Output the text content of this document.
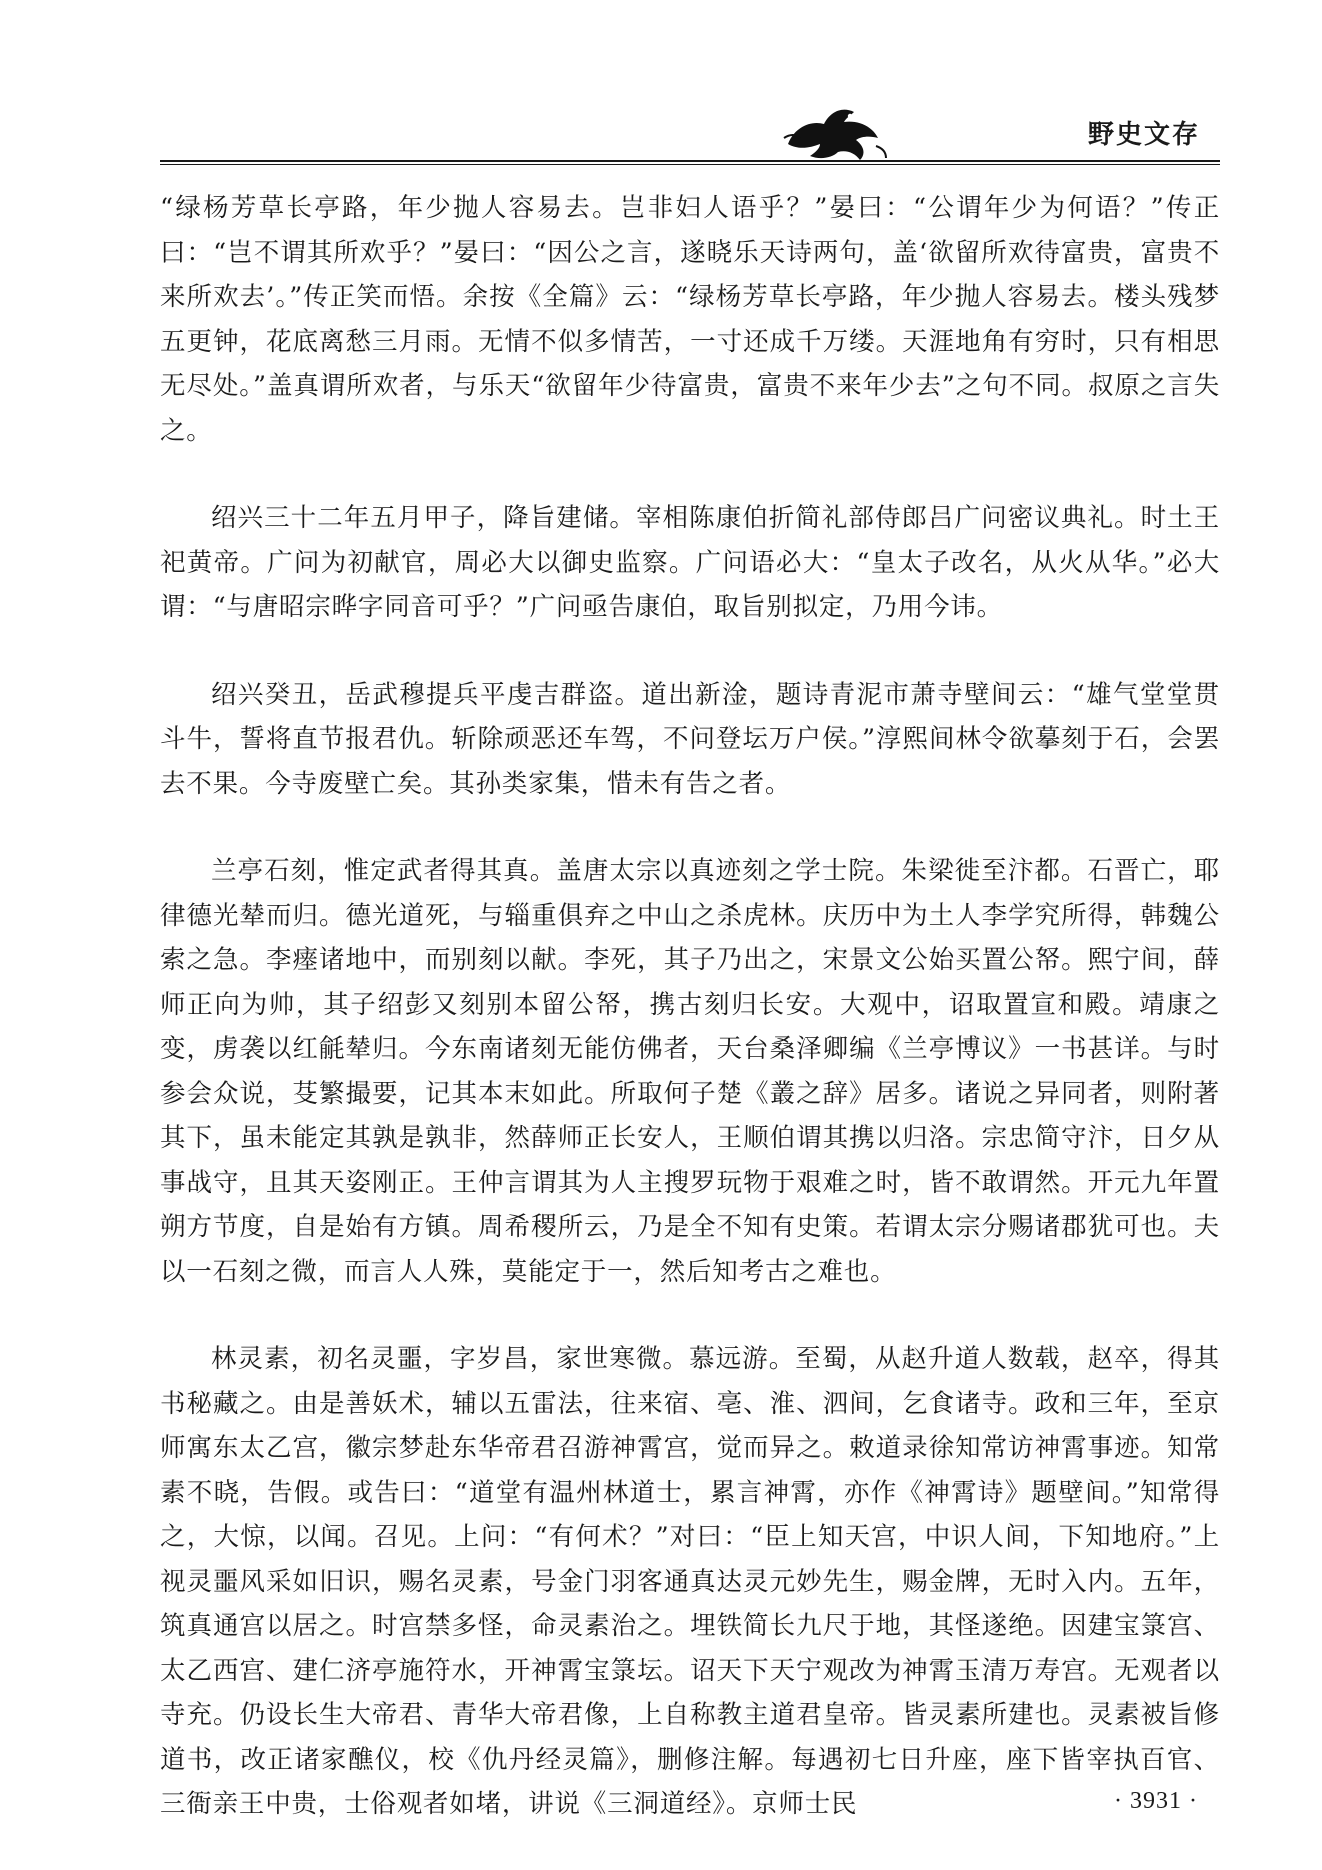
野史文存

“绿杨芳草长亭路，年少抛人容易去。岂非妇人语乎？”晏曰：“公谓年少为何语？”传正曰：“岂不谓其所欢乎？”晏曰：“因公之言，遂晓乐天诗两句，盖‘欲留所欢待富贵，富贵不来所欢去’。”传正笑而悟。余按《全篇》云：“绿杨芳草长亭路，年少抛人容易去。楼头残梦五更钟，花底离愁三月雨。无情不似多情苦，一寸还成千万缕。天涯地角有穷时，只有相思无尽处。”盖真谓所欢者，与乐天“欲留年少待富贵，富贵不来年少去”之句不同。叔原之言失之。

绍兴三十二年五月甲子，降旨建储。宰相陈康伯折简礼部侍郎吕广问密议典礼。时土王祀黄帝。广问为初献官，周必大以御史监察。广问语必大：“皇太子改名，从火从华。”必大谓：“与唐昭宗晔字同音可乎？”广问亟告康伯，取旨别拟定，乃用今讳。

绍兴癸丑，岳武穆提兵平虔吉群盗。道出新淦，题诗青泥市萧寺壁间云：“雄气堂堂贯斗牛，誓将直节报君仇。斩除顽恶还车驾，不问登坛万户侯。”淳熙间林令欲摹刻于石，会罢去不果。今寺废壁亡矣。其孙类家集，惜未有告之者。

兰亭石刻，惟定武者得其真。盖唐太宗以真迹刻之学士院。朱梁徙至汴都。石晋亡，耶律德光辇而归。德光道死，与辎重俱弃之中山之杀虎林。庆历中为土人李学究所得，韩魏公索之急。李瘗诸地中，而别刻以献。李死，其子乃出之，宋景文公始买置公帑。熙宁间，薛师正向为帅，其子绍彭又刻别本留公帑，携古刻归长安。大观中，诏取置宣和殿。靖康之变，虏袭以红毹辇归。今东南诸刻无能仿佛者，天台桑泽卿编《兰亭博议》一书甚详。与时参会众说，芟繁撮要，记其本末如此。所取何子楚《叢之辞》居多。诸说之异同者，则附著其下，虽未能定其孰是孰非，然薛师正长安人，王顺伯谓其携以归洛。宗忠简守汴，日夕从事战守，且其天姿刚正。王仲言谓其为人主搜罗玩物于艰难之时，皆不敢谓然。开元九年置朔方节度，自是始有方镇。周希稷所云，乃是全不知有史策。若谓太宗分赐诸郡犹可也。夫以一石刻之微，而言人人殊，莫能定于一，然后知考古之难也。

林灵素，初名灵噩，字岁昌，家世寒微。慕远游。至蜀，从赵升道人数载，赵卒，得其书秘藏之。由是善妖术，辅以五雷法，往来宿、亳、淮、泗间，乞食诸寺。政和三年，至京师寓东太乙宫，徽宗梦赴东华帝君召游神霄宫，觉而异之。敕道录徐知常访神霄事迹。知常素不晓，告假。或告曰：“道堂有温州林道士，累言神霄，亦作《神霄诗》题壁间。”知常得之，大惊，以闻。召见。上问：“有何术？”对曰：“臣上知天宫，中识人间，下知地府。”上视灵噩风采如旧识，赐名灵素，号金门羽客通真达灵元妙先生，赐金牌，无时入内。五年，筑真通宫以居之。时宫禁多怪，命灵素治之。埋铁简长九尺于地，其怪遂绝。因建宝箓宫、太乙西宫、建仁济亭施符水，开神霄宝箓坛。诏天下天宁观改为神霄玉清万寿宫。无观者以寺充。仍设长生大帝君、青华大帝君像，上自称教主道君皇帝。皆灵素所建也。灵素被旨修道书，改正诸家醮仪，校《仇丹经灵篇》，删修注解。每遇初七日升座，座下皆宰执百官、三衙亲王中贵，士俗观者如堵，讲说《三洞道经》。京师士民	· 3931 ·
